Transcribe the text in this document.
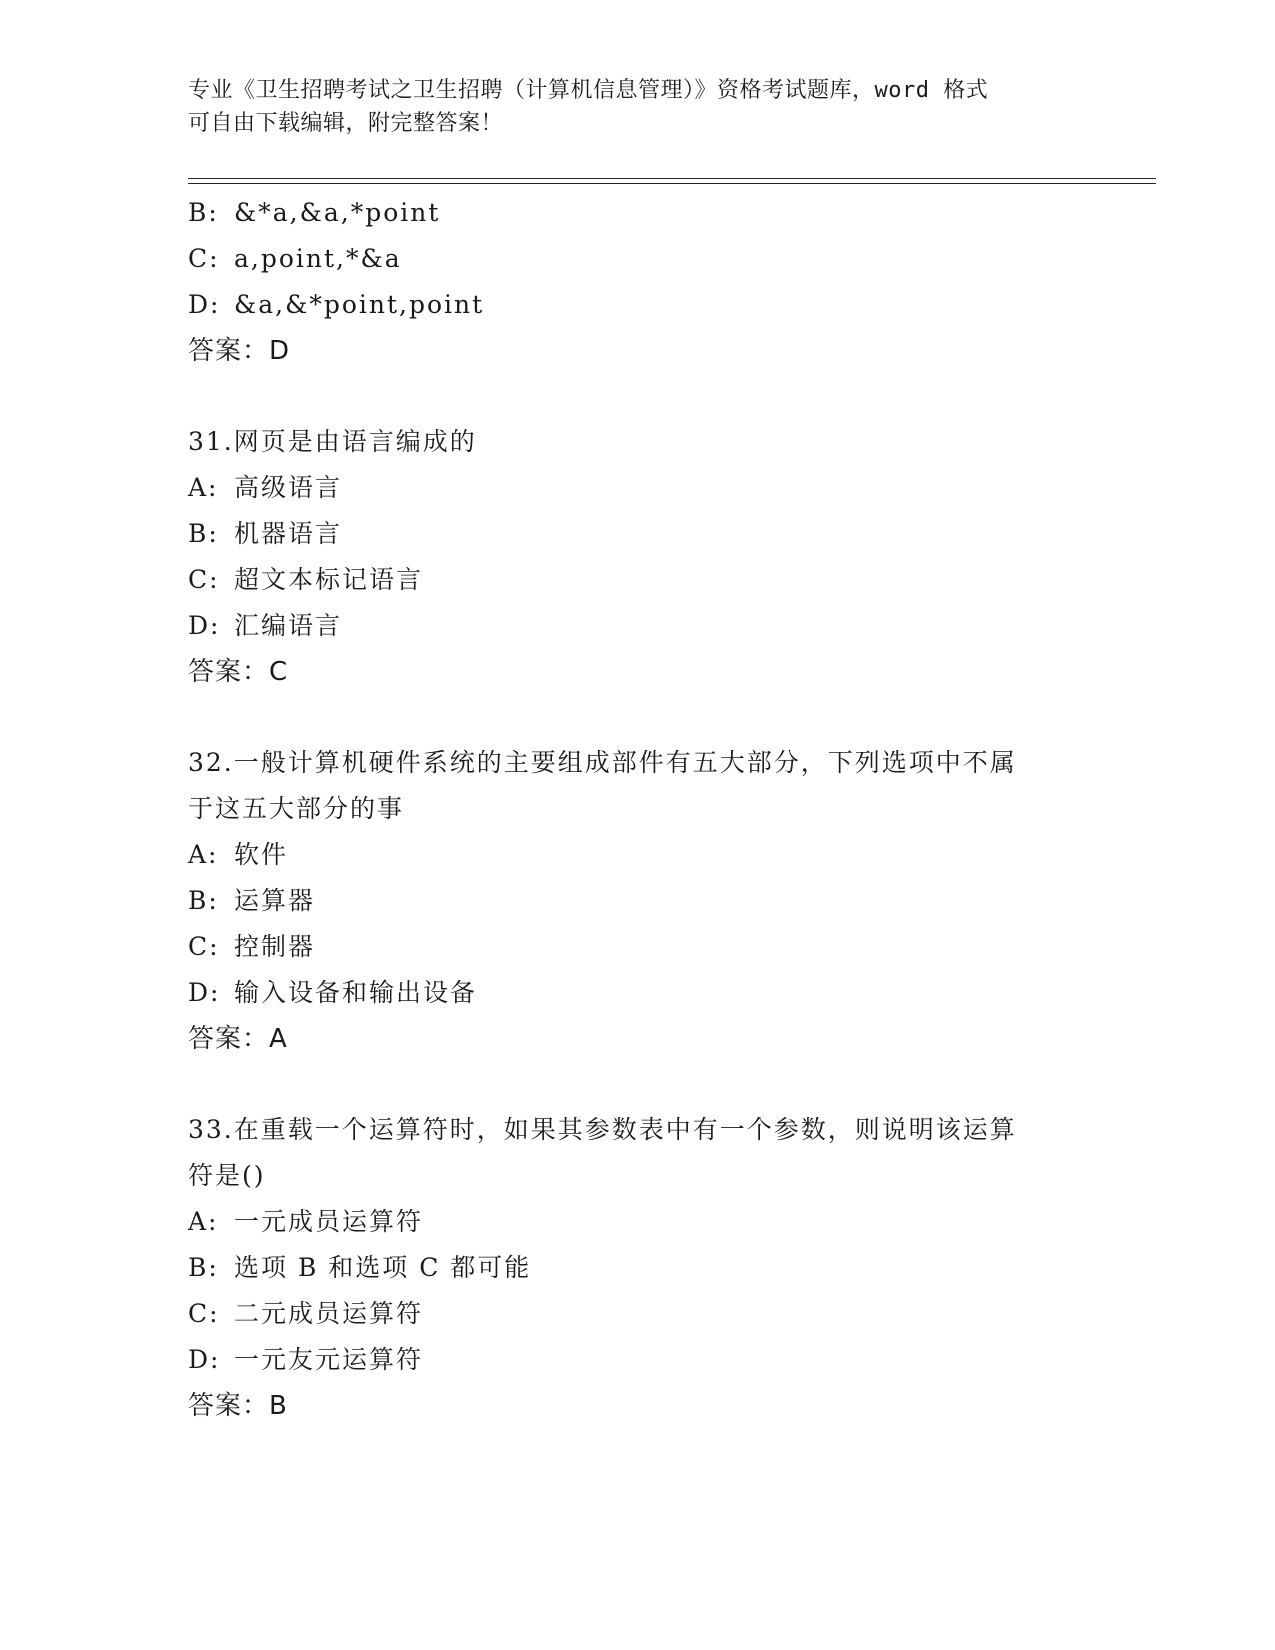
专业《卫生招聘考试之卫生招聘（计算机信息管理）》资格考试题库，word 格式
可自由下载编辑，附完整答案！
B: &*a,&a,*point
C: a,point,*&a
D: &a,&*point,point
答案：D
31.网页是由语言编成的
A: 高级语言
B: 机器语言
C: 超文本标记语言
D: 汇编语言
答案：C
32.一般计算机硬件系统的主要组成部件有五大部分，下列选项中不属
于这五大部分的事
A: 软件
B: 运算器
C: 控制器
D: 输入设备和输出设备
答案：A
33.在重载一个运算符时，如果其参数表中有一个参数，则说明该运算
符是()
A: 一元成员运算符
B: 选项 B 和选项 C 都可能
C: 二元成员运算符
D: 一元友元运算符
答案：B
